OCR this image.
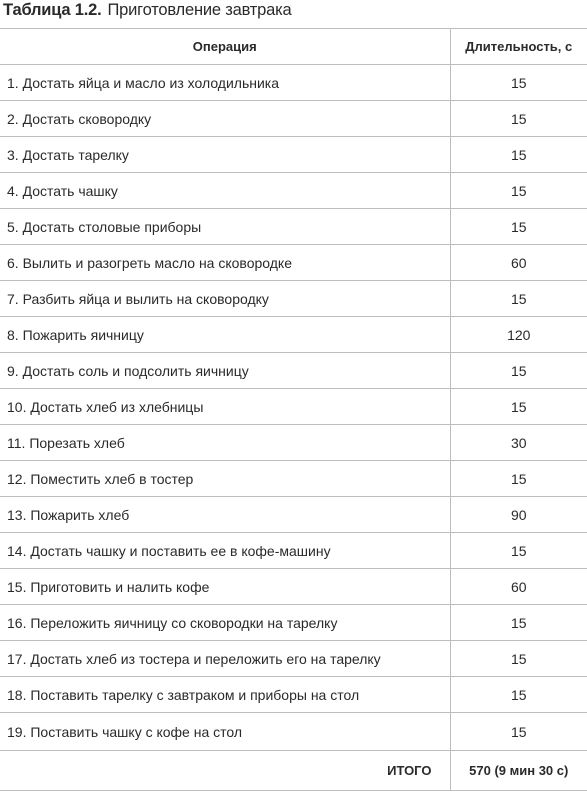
Таблица 1.2. Приготовление завтрака
Операция	Длительность, с
1. Достать яйца и масло из холодильника	15
2. Достать сковородку	15
3. Достать тарелку	15
4. Достать чашку	15
5. Достать столовые приборы	15
6. Вылить и разогреть масло на сковородке	60
7. Разбить яйца и вылить на сковородку	15
8. Пожарить яичницу	120
9. Достать соль и подсолить яичницу	15
10. Достать хлеб из хлебницы	15
11. Порезать хлеб	30
12. Поместить хлеб в тостер	15
13. Пожарить хлеб	90
14. Достать чашку и поставить ее в кофе-машину	15
15. Приготовить и налить кофе	60
16. Переложить яичницу со сковородки на тарелку	15
17. Достать хлеб из тостера и переложить его на тарелку	15
18. Поставить тарелку с завтраком и приборы на стол	15
19. Поставить чашку с кофе на стол	15
ИТОГО	570 (9 мин 30 с)
